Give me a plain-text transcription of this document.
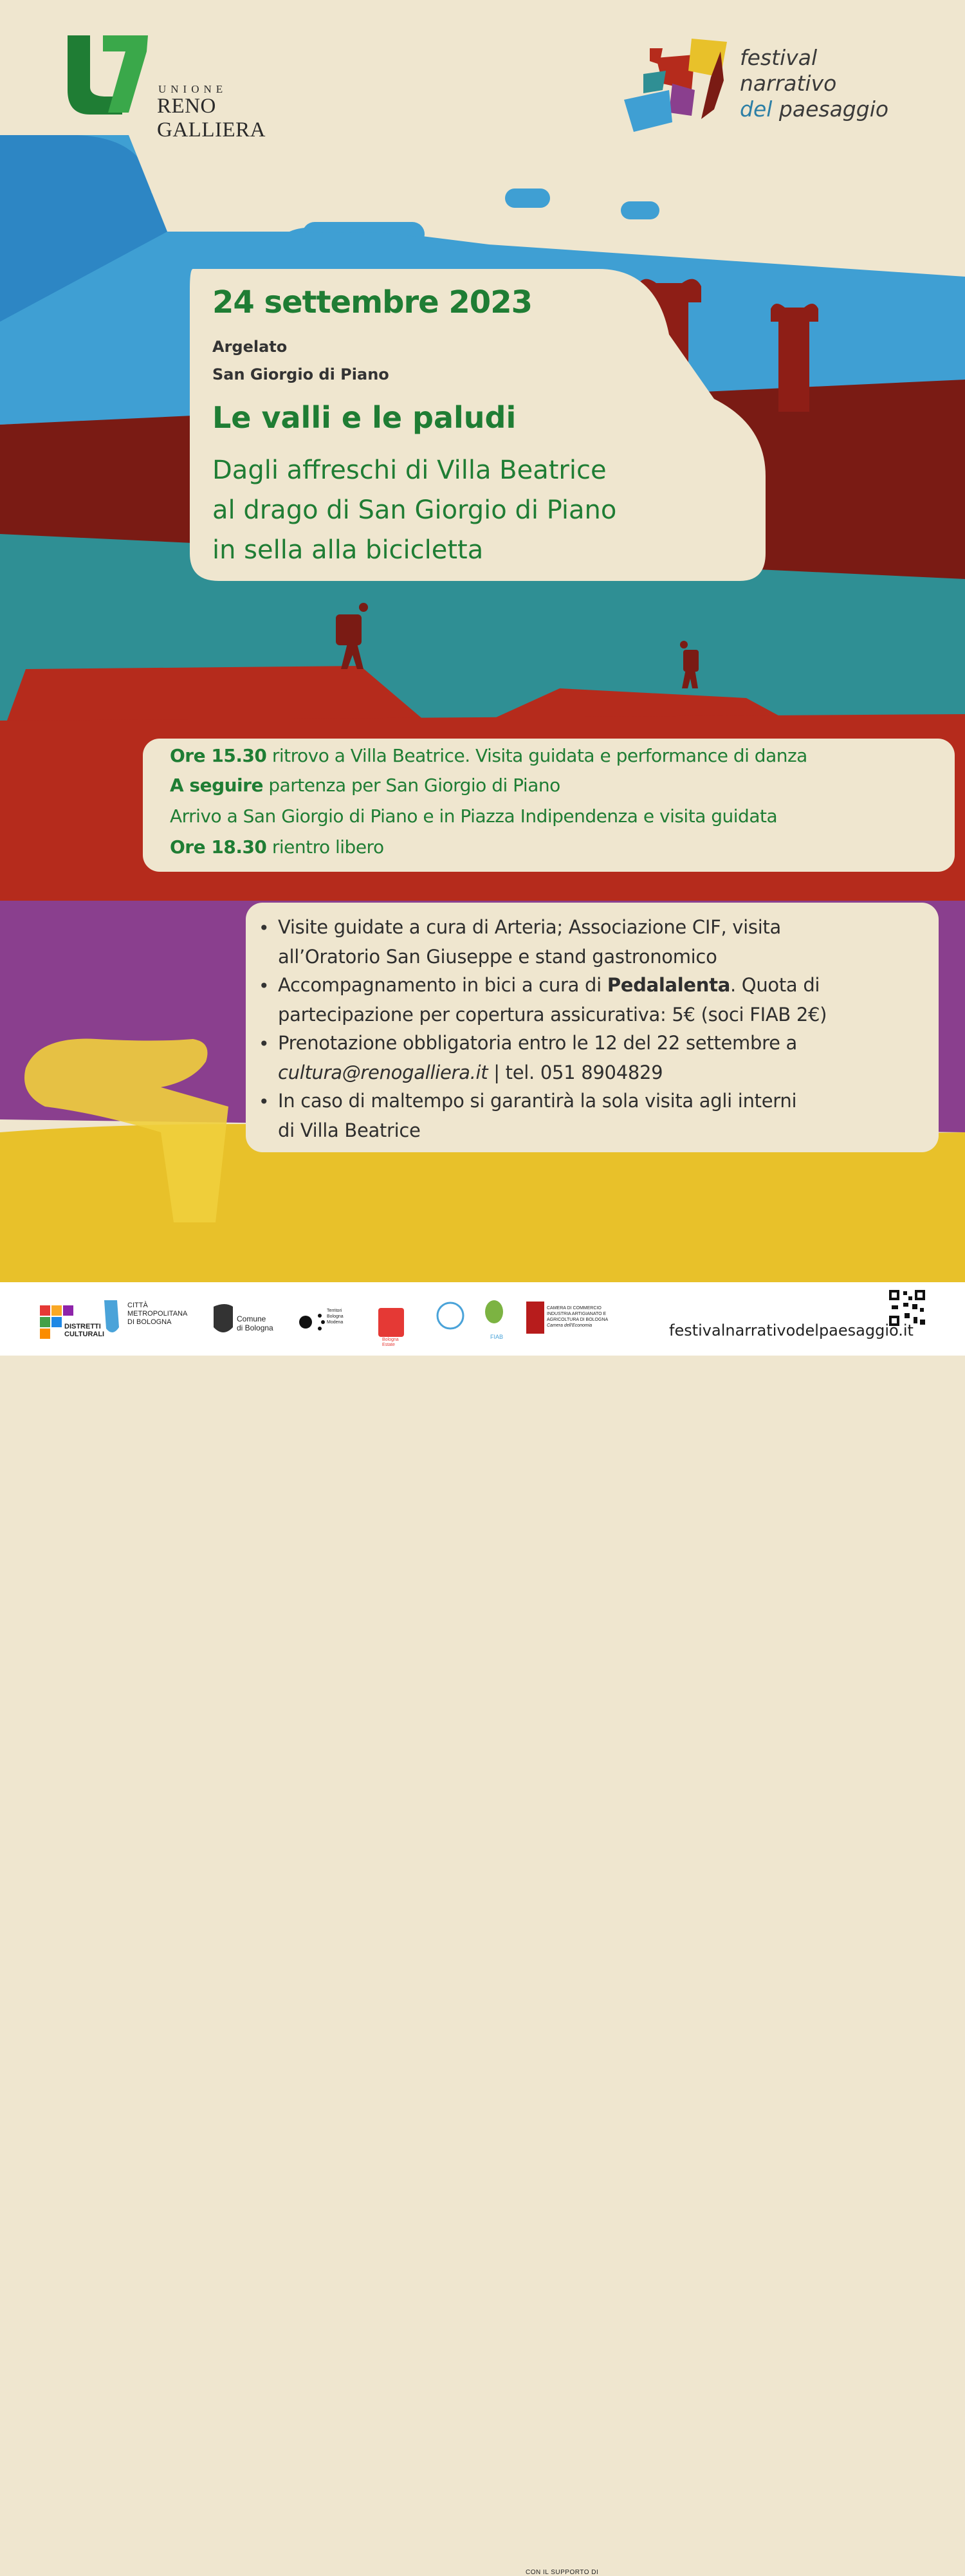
UNIONE
RENO GALLIERA
festival
narrativo
del paesaggio
24 settembre 2023
Argelato
San Giorgio di Piano
Le valli e le paludi
Dagli affreschi di Villa Beatrice
al drago di San Giorgio di Piano
in sella alla bicicletta
Ore 15.30 ritrovo a Villa Beatrice. Visita guidata e performance di danza
A seguire partenza per San Giorgio di Piano
Arrivo a San Giorgio di Piano e in Piazza Indipendenza e visita guidata
Ore 18.30 rientro libero
• Visite guidate a cura di Arteria; Associazione CIF, visita
all’Oratorio San Giuseppe e stand gastronomico
• Accompagnamento in bici a cura di Pedalalenta. Quota di
partecipazione per copertura assicurativa: 5€ (soci FIAB 2€)
• Prenotazione obbligatoria entro le 12 del 22 settembre a
cultura@renogalliera.it | tel. 051 8904829
• In caso di maltempo si garantirà la sola visita agli interni
di Villa Beatrice
DISTRETTI
CULTURALI
CITTÀ
METROPOLITANA
DI BOLOGNA	Comune
di Bologna
Territori
Bologna
Modena
Bologna
Estate
FIAB
CON IL SUPPORTO DI
CAMERA DI COMMERCIO
INDUSTRIA ARTIGIANATO E
AGRICOLTURA DI BOLOGNA
Camera dell'Economia	festivalnarrativodelpaesaggio.it
